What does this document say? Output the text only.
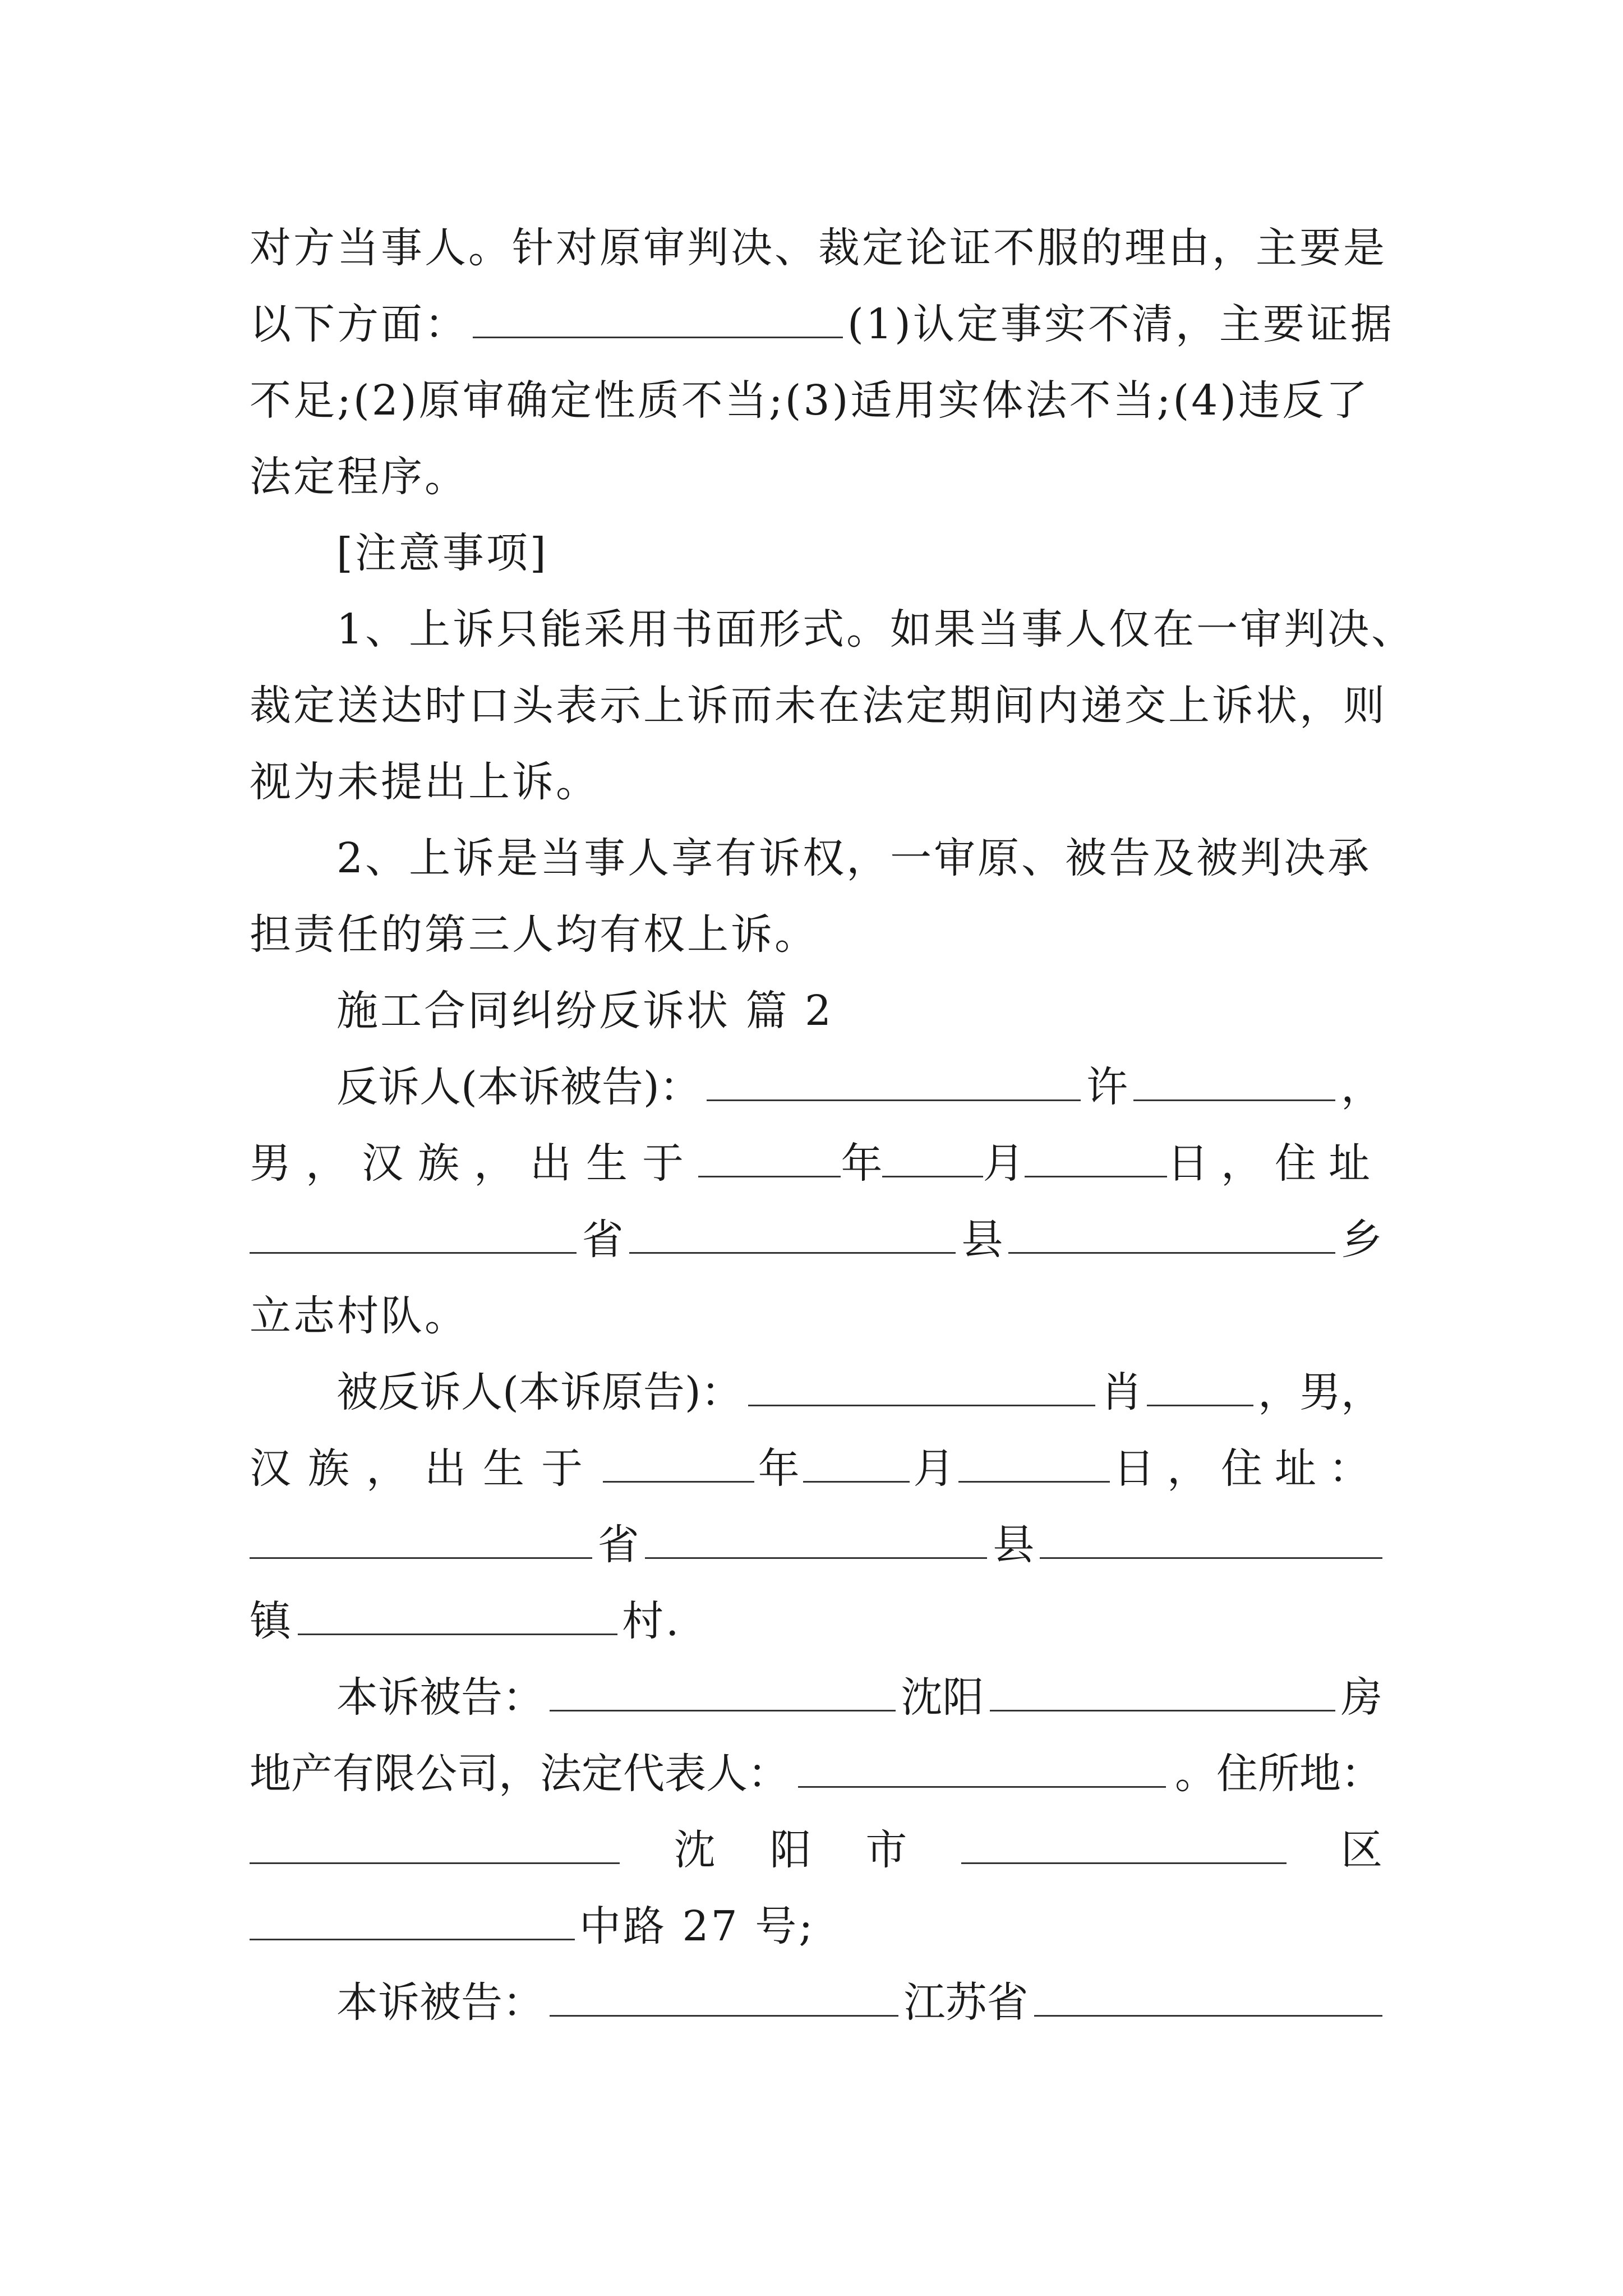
对方当事人。针对原审判决、裁定论证不服的理由，主要是
以下方面：	(1)认定事实不清，主要证据
不足;(2)原审确定性质不当;(3)适用实体法不当;(4)违反了
法定程序。
[注意事项]
1、上诉只能采用书面形式。如果当事人仅在一审判决、
裁定送达时口头表示上诉而未在法定期间内递交上诉状，则
视为未提出上诉。
2、上诉是当事人享有诉权，一审原、被告及被判决承
担责任的第三人均有权上诉。
施工合同纠纷反诉状 篇 2
反诉人(本诉被告)：	许	，
男，汉族，出生于	年 月	日，住址
省	县	乡
立志村队。
被反诉人(本诉原告)：	肖	，男，
汉族，出生于	年	月	日，住址：
省	县
镇	村.
本诉被告：	沈阳	房
地产有限公司，法定代表人：	。住所地：
沈 阳 市	区
中路 27 号;
本诉被告：	江苏省
